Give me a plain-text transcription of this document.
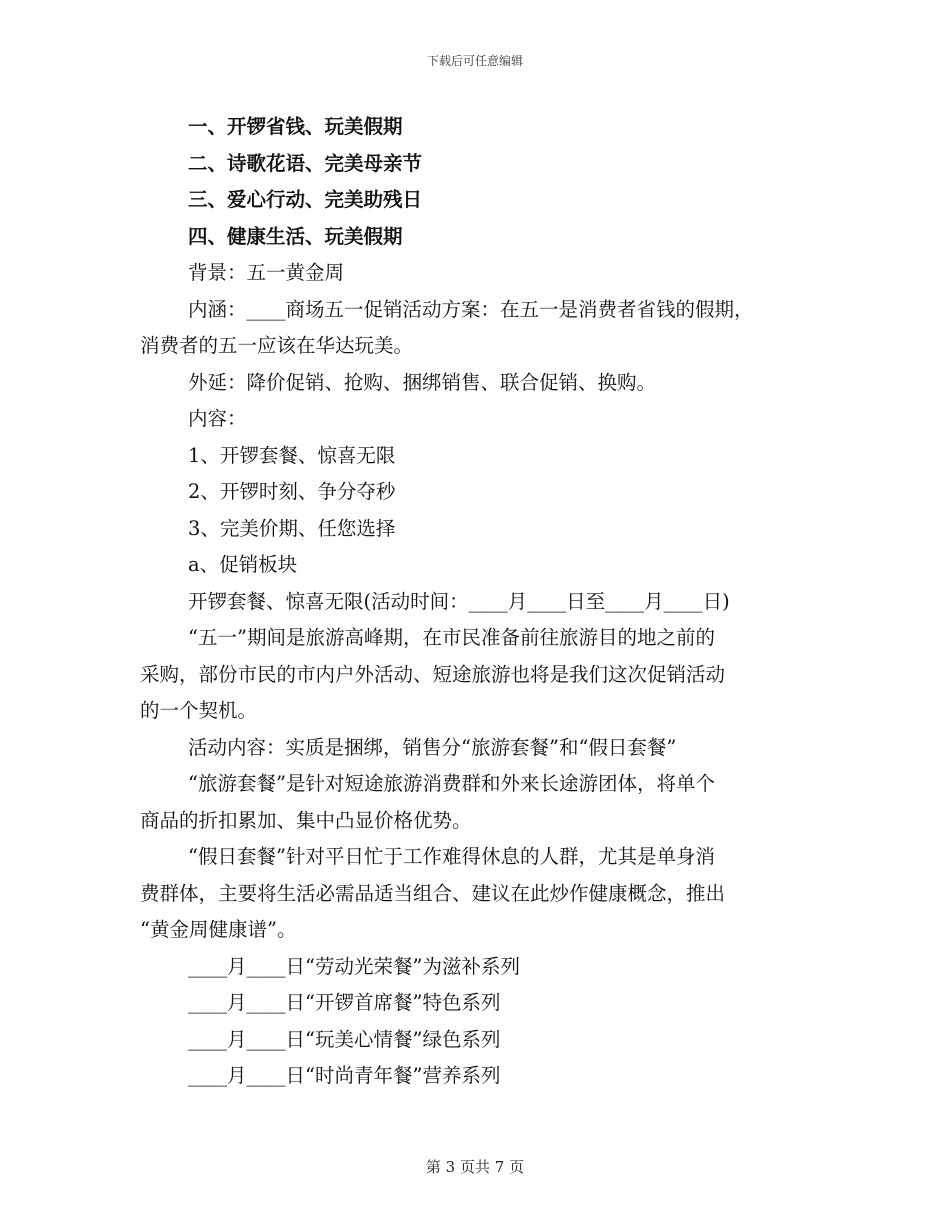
下载后可任意编辑

一、开锣省钱、玩美假期

二、诗歌花语、完美母亲节

三、爱心行动、完美助残日

四、健康生活、玩美假期

背景：五一黄金周

内涵：____商场五一促销活动方案：在五一是消费者省钱的假期，

消费者的五一应该在华达玩美。

外延：降价促销、抢购、捆绑销售、联合促销、换购。

内容：

1、开锣套餐、惊喜无限

2、开锣时刻、争分夺秒

3、完美价期、任您选择

a、促销板块

开锣套餐、惊喜无限(活动时间：____月____日至____月____日)

“五一”期间是旅游高峰期，在市民准备前往旅游目的地之前的

采购，部份市民的市内户外活动、短途旅游也将是我们这次促销活动

的一个契机。

活动内容：实质是捆绑，销售分“旅游套餐”和“假日套餐”

“旅游套餐”是针对短途旅游消费群和外来长途游团体，将单个

商品的折扣累加、集中凸显价格优势。

“假日套餐”针对平日忙于工作难得休息的人群，尤其是单身消

费群体，主要将生活必需品适当组合、建议在此炒作健康概念，推出

“黄金周健康谱”。

____月____日“劳动光荣餐”为滋补系列

____月____日“开锣首席餐”特色系列

____月____日“玩美心情餐”绿色系列

____月____日“时尚青年餐”营养系列

第 3 页共 7 页
